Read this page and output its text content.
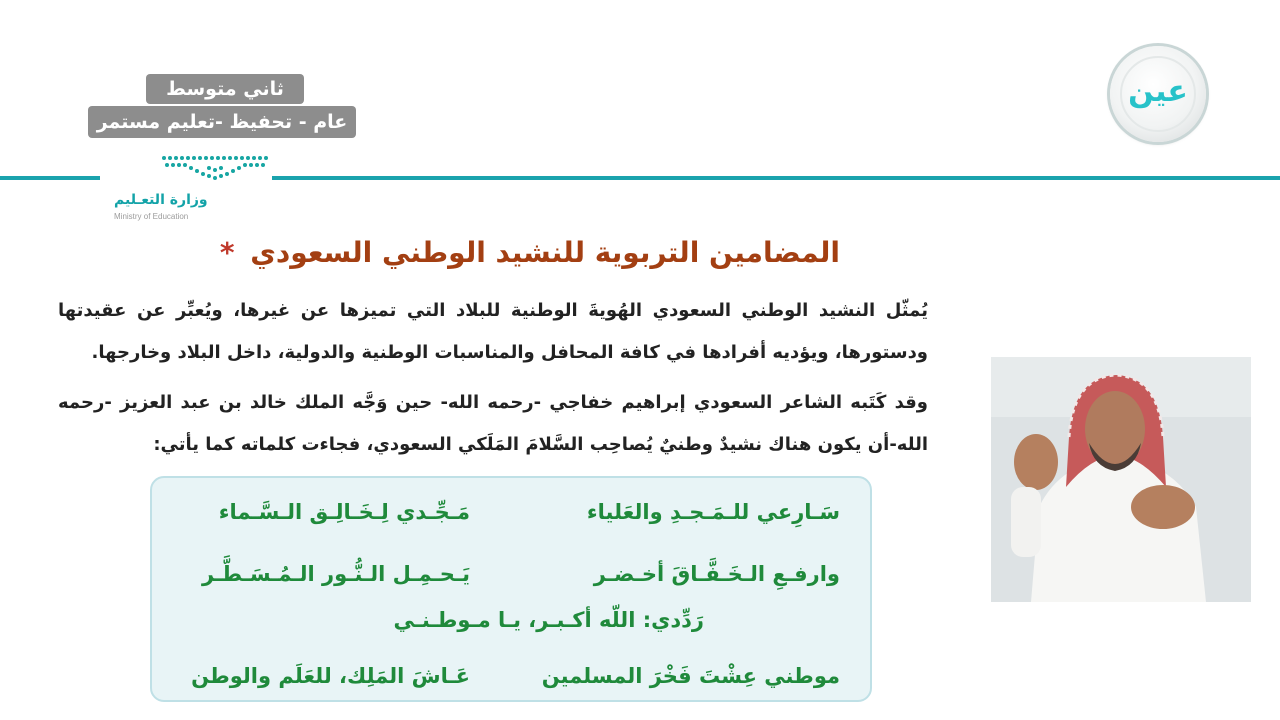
ثاني متوسط
عام - تحفيظ -تعليم مستمر
وزارة التعـليم
Ministry of Education
عين
المضامين التربوية للنشيد الوطني السعودي *
يُمثّل النشيد الوطني السعودي الهُويةَ الوطنية للبلاد التي تميزها عن غيرها، ويُعبِّر عن عقيدتها ودستورها، ويؤديه أفرادها في كافة المحافل والمناسبات الوطنية والدولية، داخل البلاد وخارجها.
وقد كَتَبه الشاعر السعودي إبراهيم خفاجي -رحمه الله- حين وَجَّه الملك خالد بن عبد العزيز -رحمه الله-أن يكون هناك نشيدٌ وطنيٌ يُصاحِب السَّلامَ المَلَكي السعودي، فجاءت كلماته كما يأتي:
سَـارِعي للـمَـجـدِ والعَلياء
مَـجِّـدي لِـخَـالِـق الـسَّـماء
وارفـعِ الـخَـفَّـاقَ أخـضـر
يَـحـمِـل الـنُّـور الـمُـسَـطَّـر
رَدِّدي: اللّه أكـبـر، يـا مـوطـنـي
موطني عِشْتَ فَخْرَ المسلمين
عَـاشَ المَلِك، للعَلَم والوطن
